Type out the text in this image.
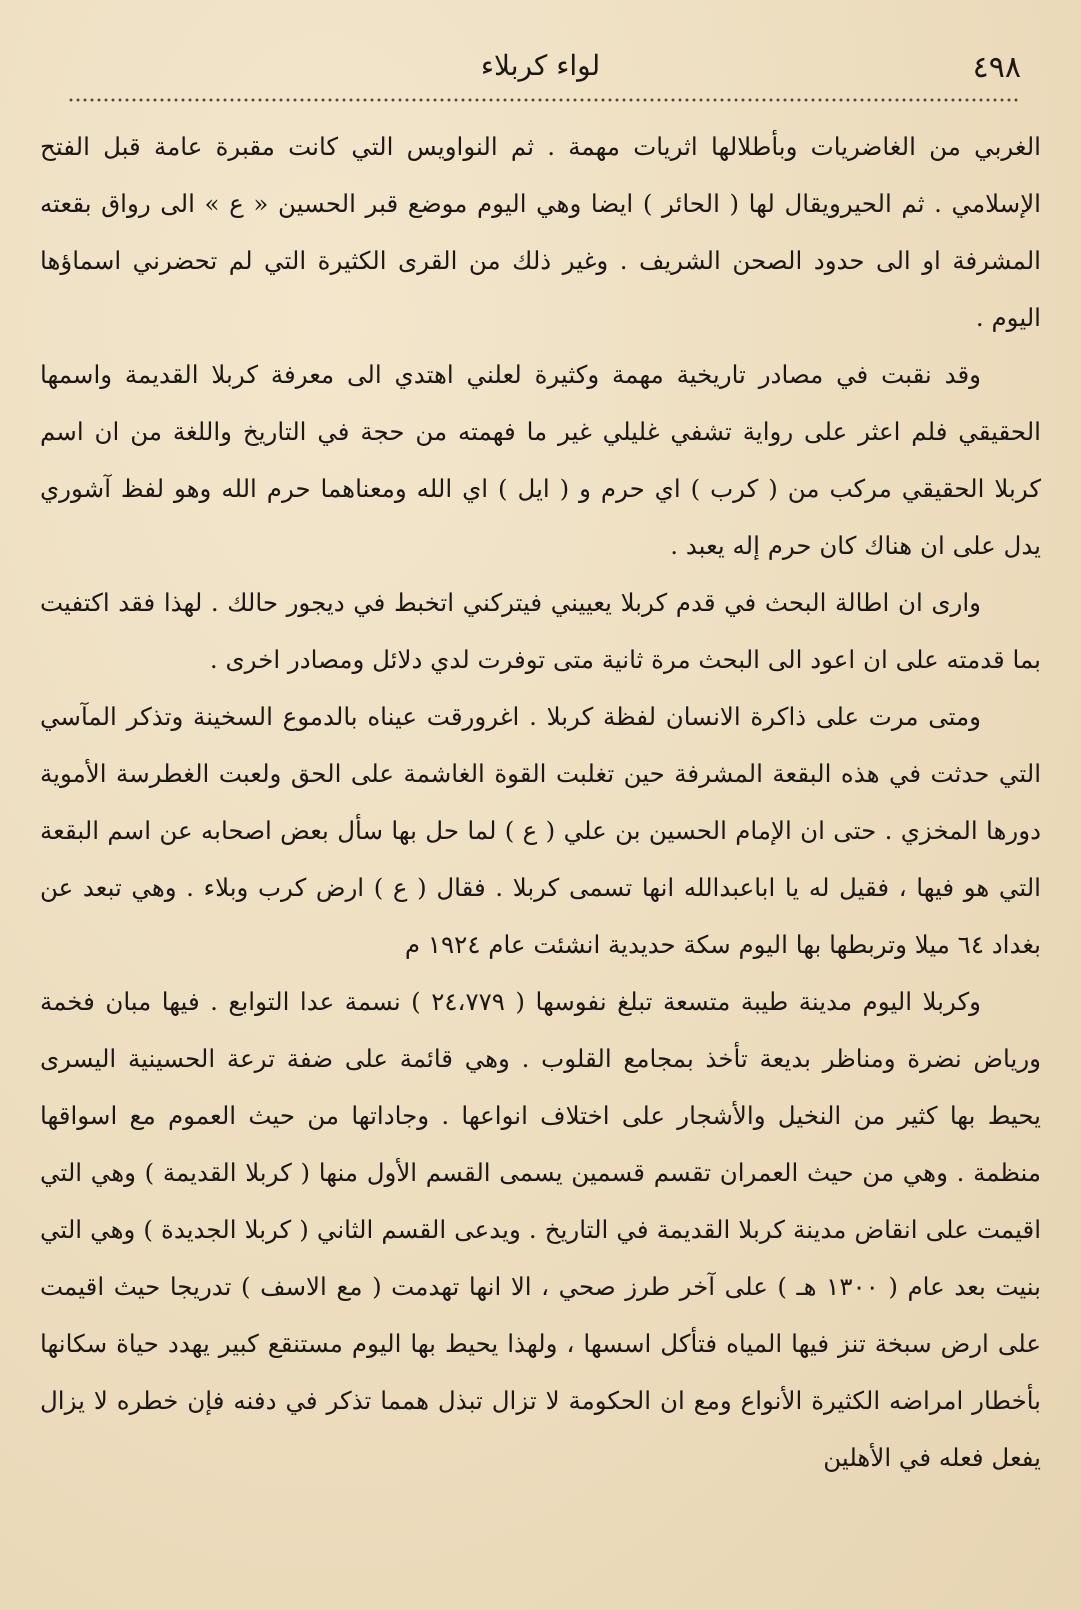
لواء كربلاء	٤٩٨

الغربي من الغاضريات وبأطلالها اثريات مهمة . ثم النواويس التي كانت مقبرة عامة قبل الفتح الإسلامي . ثم الحيرويقال لها ( الحائر ) ايضا وهي اليوم موضع قبر الحسين « ع » الى رواق بقعته المشرفة او الى حدود الصحن الشريف . وغير ذلك من القرى الكثيرة التي لم تحضرني اسماؤها اليوم .

وقد نقبت في مصادر تاريخية مهمة وكثيرة لعلني اهتدي الى معرفة كربلا القديمة واسمها الحقيقي فلم اعثر على رواية تشفي غليلي غير ما فهمته من حجة في التاريخ واللغة من ان اسم كربلا الحقيقي مركب من ( كرب ) اي حرم و ( ايل ) اي الله ومعناهما حرم الله وهو لفظ آشوري يدل على ان هناك كان حرم إله يعبد .

وارى ان اطالة البحث في قدم كربلا يعييني فيتركني اتخبط في ديجور حالك . لهذا فقد اكتفيت بما قدمته على ان اعود الى البحث مرة ثانية متى توفرت لدي دلائل ومصادر اخرى .

ومتى مرت على ذاكرة الانسان لفظة كربلا . اغرورقت عيناه بالدموع السخينة وتذكر المآسي التي حدثت في هذه البقعة المشرفة حين تغلبت القوة الغاشمة على الحق ولعبت الغطرسة الأموية دورها المخزي . حتى ان الإمام الحسين بن علي ( ع ) لما حل بها سأل بعض اصحابه عن اسم البقعة التي هو فيها ، فقيل له يا اباعبدالله انها تسمى كربلا . فقال ( ع ) ارض كرب وبلاء . وهي تبعد عن بغداد ٦٤ ميلا وتربطها بها اليوم سكة حديدية انشئت عام ١٩٢٤ م

وكربلا اليوم مدينة طيبة متسعة تبلغ نفوسها ( ٢٤،٧٧٩ ) نسمة عدا التوابع . فيها مبان فخمة ورياض نضرة ومناظر بديعة تأخذ بمجامع القلوب . وهي قائمة على ضفة ترعة الحسينية اليسرى يحيط بها كثير من النخيل والأشجار على اختلاف انواعها . وجاداتها من حيث العموم مع اسواقها منظمة . وهي من حيث العمران تقسم قسمين يسمى القسم الأول منها ( كربلا القديمة ) وهي التي اقيمت على انقاض مدينة كربلا القديمة في التاريخ . ويدعى القسم الثاني ( كربلا الجديدة ) وهي التي بنيت بعد عام ( ١٣٠٠ هـ ) على آخر طرز صحي ، الا انها تهدمت ( مع الاسف ) تدريجا حيث اقيمت على ارض سبخة تنز فيها المياه فتأكل اسسها ، ولهذا يحيط بها اليوم مستنقع كبير يهدد حياة سكانها بأخطار امراضه الكثيرة الأنواع ومع ان الحكومة لا تزال تبذل همما تذكر في دفنه فإن خطره لا يزال يفعل فعله في الأهلين
